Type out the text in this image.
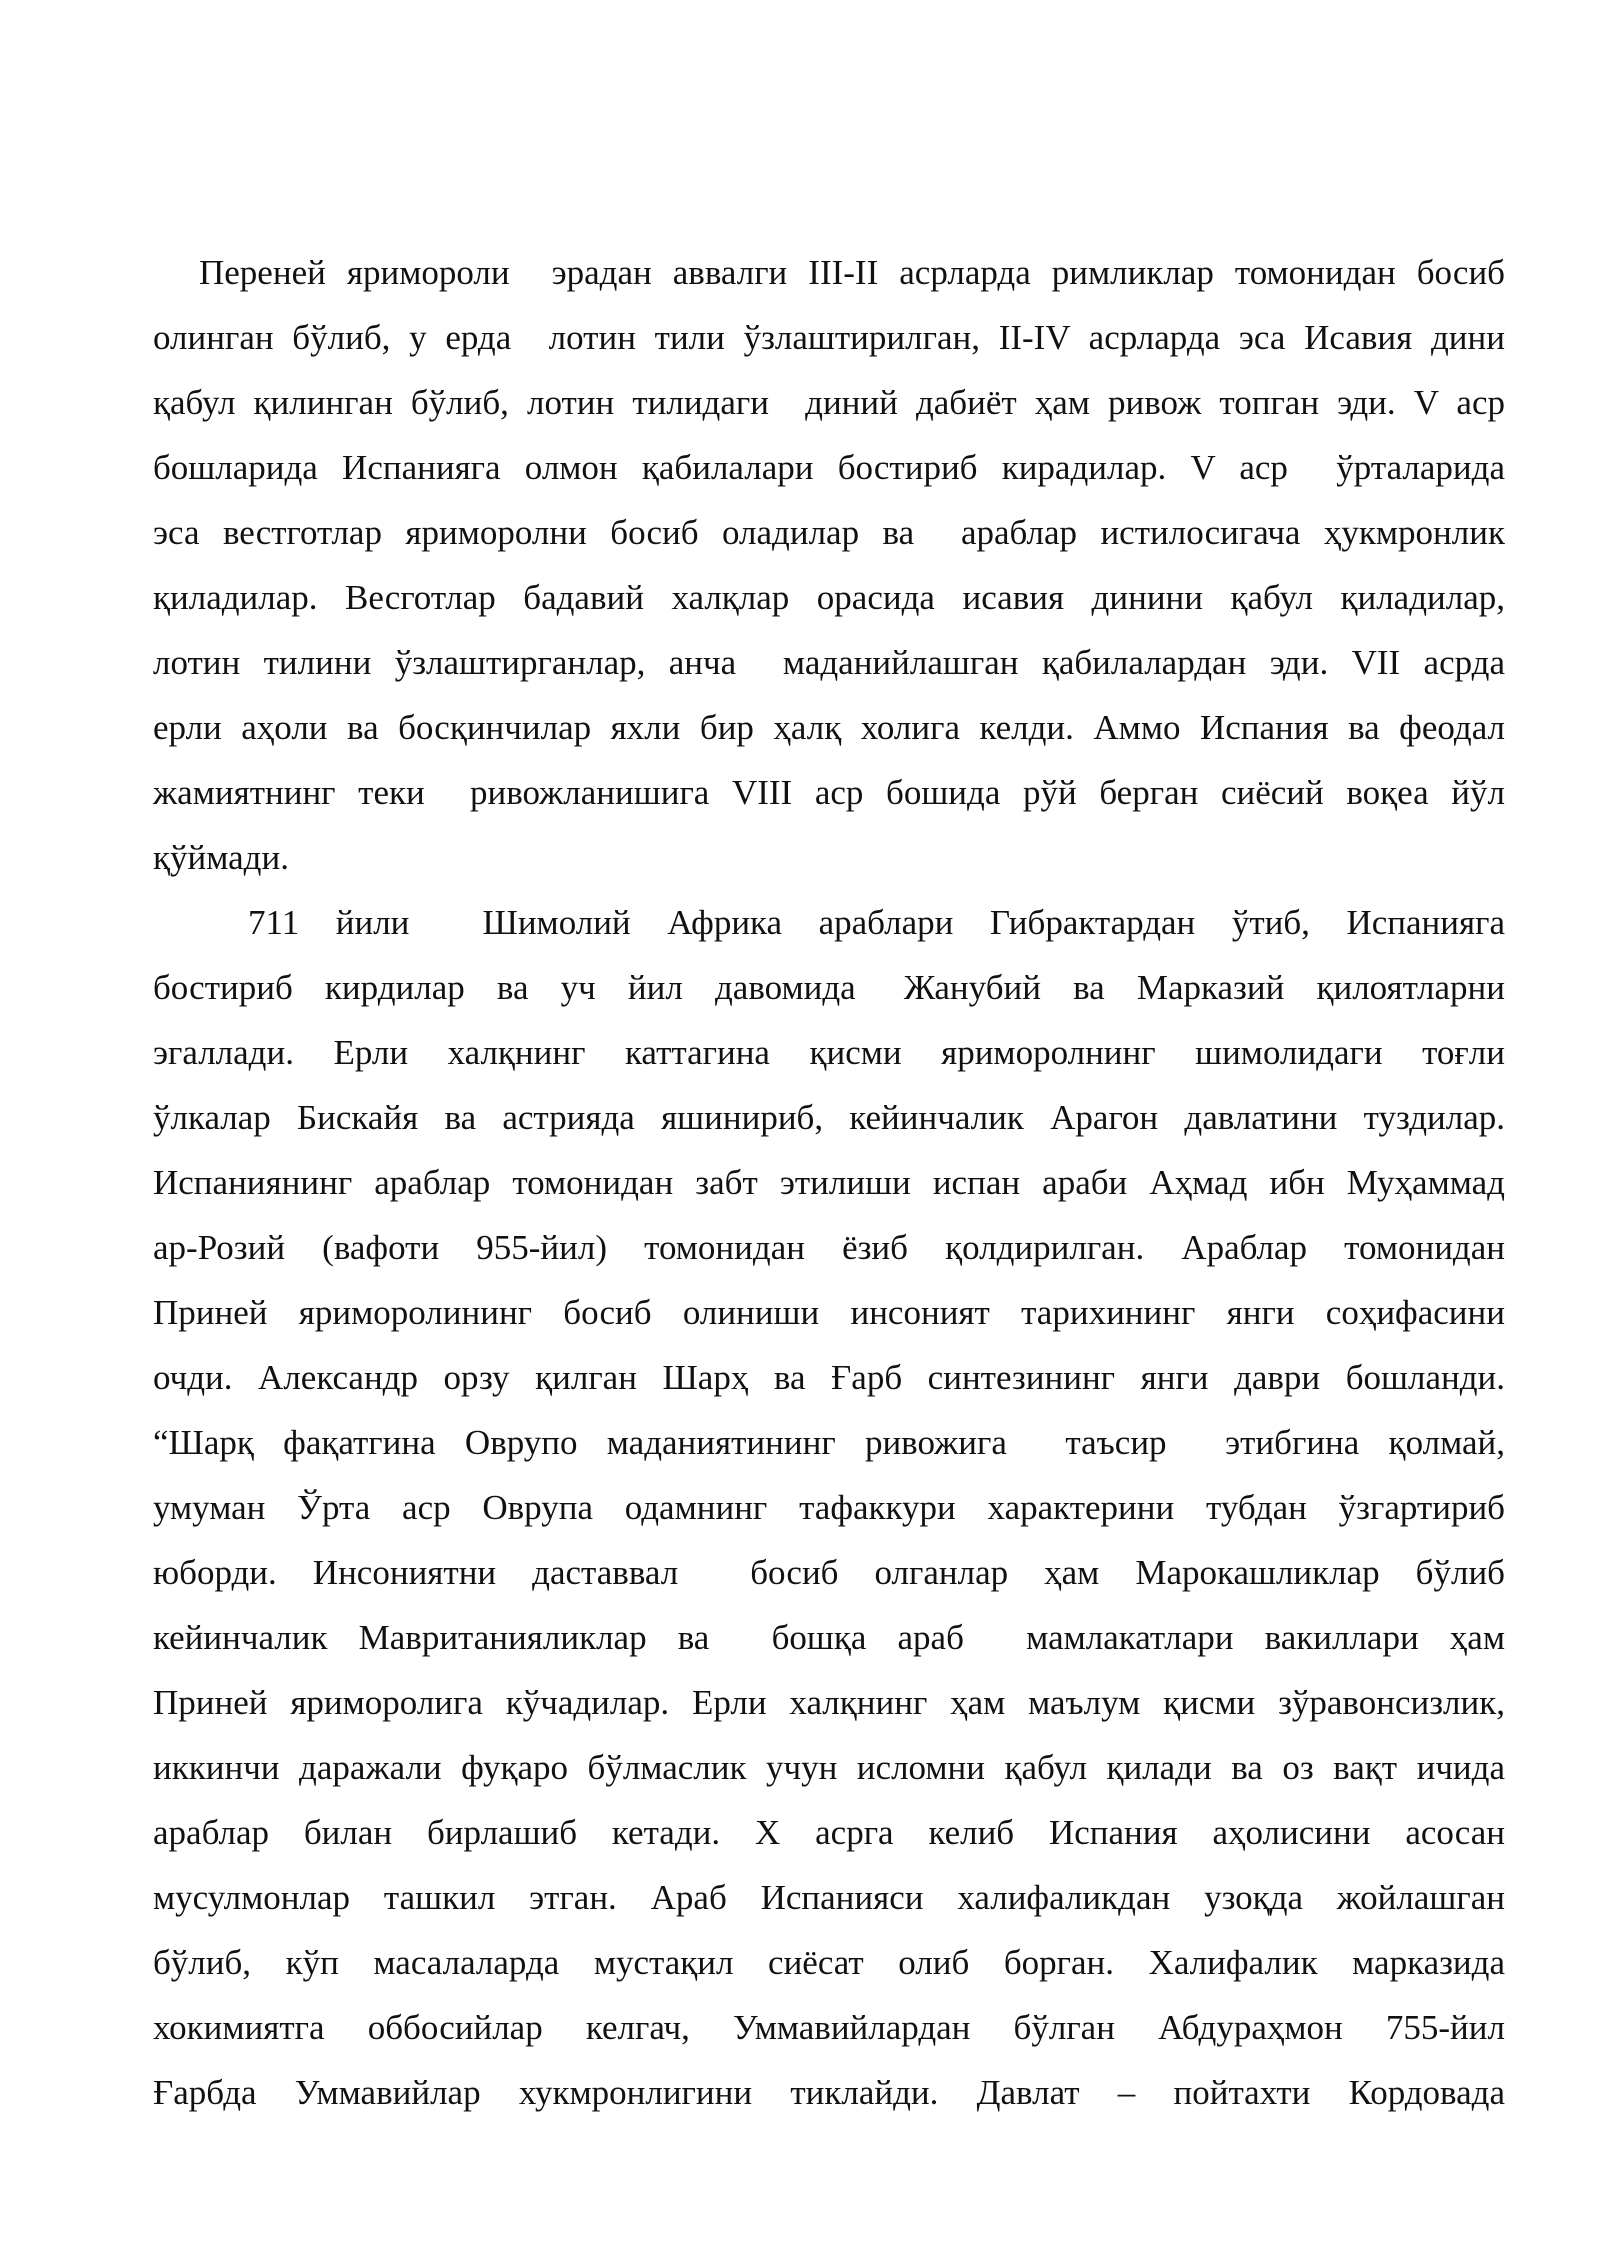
Переней яримороли  эрадан аввалги III-II асрларда римликлар томонидан босиб
олинган бўлиб, у ерда  лотин тили ўзлаштирилган, II-IV асрларда эса Исавия дини
қабул қилинган бўлиб, лотин тилидаги  диний дабиёт ҳам ривож топган эди. V аср
бошларида Испанияга олмон қабилалари бостириб кирадилар. V аср  ўрталарида
эса вестготлар яриморолни босиб оладилар ва  араблар истилосигача ҳукмронлик
қиладилар. Весготлар бадавий халқлар орасида исавия динини қабул қиладилар,
лотин тилини ўзлаштирганлар, анча  маданийлашган қабилалардан эди. VII асрда
ерли аҳоли ва босқинчилар яхли бир ҳалқ холига келди. Аммо Испания ва феодал
жамиятнинг теки  ривожланишига VIII аср бошида рўй берган сиёсий воқеа йўл
қўймади.
711  йили    Шимолий  Африка  араблари  Гибрактардан  ўтиб,  Испанияга
бостириб  кирдилар  ва  уч  йил  давомида   Жанубий  ва  Марказий  қилоятларни
эгаллади.  Ерли  халқнинг  каттагина  қисми  яриморолнинг  шимолидаги  тоғли
ўлкалар Бискайя ва астрияда яшинириб, кейинчалик Арагон давлатини туздилар.
Испаниянинг араблар томонидан забт этилиши испан араби Аҳмад ибн Муҳаммад
ар-Розий  (вафоти  955-йил)  томонидан  ёзиб  қолдирилган.  Араблар  томонидан
Приней  яриморолининг  босиб  олиниши  инсоният  тарихининг  янги  соҳифасини
очди.  Александр  орзу  қилган  Шарҳ  ва  Ғарб  синтезининг  янги  даври  бошланди.
“Шарқ  фақатгина  Оврупо  маданиятининг  ривожига    таъсир    этибгина  қолмай,
умуман  Ўрта  аср  Оврупа  одамнинг  тафаккури  характерини  тубдан  ўзгартириб
юборди.  Инсониятни  даставвал    босиб  олганлар  ҳам  Марокашликлар  бўлиб
кейинчалик  Мавританияликлар  ва    бошқа  араб    мамлакатлари  вакиллари  ҳам
Приней яриморолига кўчадилар. Ерли халқнинг ҳам маълум қисми зўравонсизлик,
иккинчи даражали фуқаро бўлмаслик учун исломни қабул қилади ва оз вақт ичида
араблар  билан  бирлашиб  кетади.  X  асрга  келиб  Испания  аҳолисини  асосан
мусулмонлар  ташкил  этган.  Араб  Испанияси  халифаликдан  узоқда  жойлашган
бўлиб,  кўп  масалаларда  мустақил  сиёсат  олиб  борган.  Халифалик  марказида
хокимиятга  оббосийлар  келгач,  Уммавийлардан  бўлган  Абдураҳмон  755-йил
Ғарбда  Уммавийлар  хукмронлигини  тиклайди.  Давлат  –  пойтахти  Кордовада
